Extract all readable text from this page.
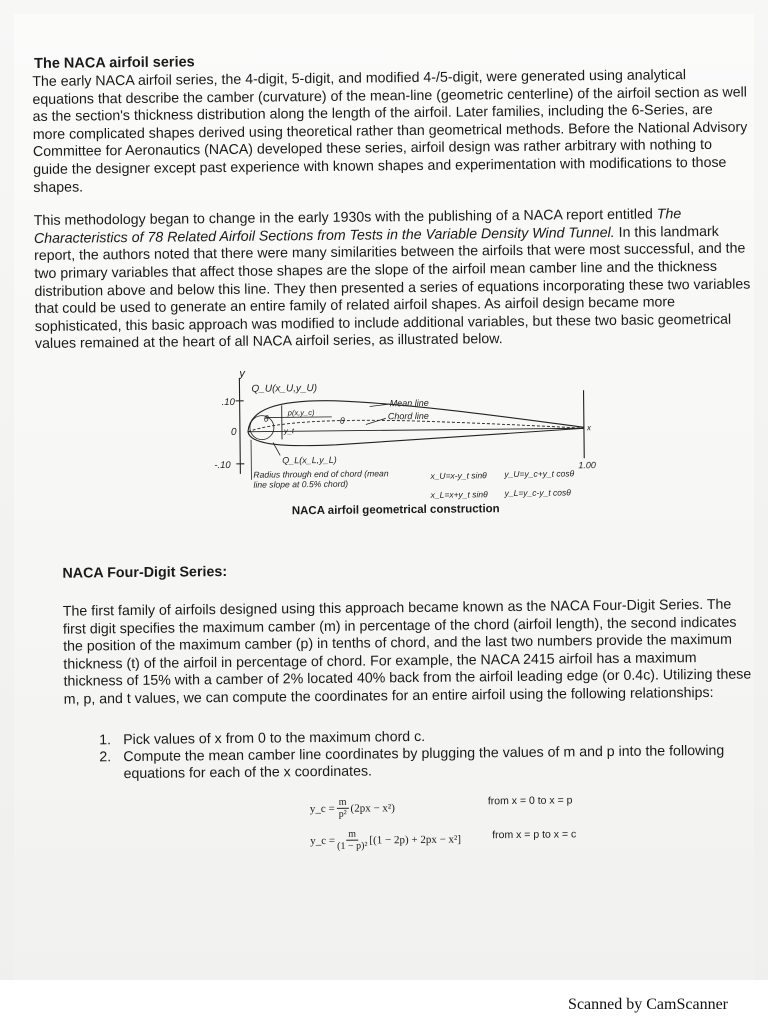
The NACA airfoil series

The early NACA airfoil series, the 4-digit, 5-digit, and modified 4-/5-digit, were generated using analytical equations that describe the camber (curvature) of the mean-line (geometric centerline) of the airfoil section as well as the section's thickness distribution along the length of the airfoil. Later families, including the 6-Series, are more complicated shapes derived using theoretical rather than geometrical methods. Before the National Advisory Committee for Aeronautics (NACA) developed these series, airfoil design was rather arbitrary with nothing to guide the designer except past experience with known shapes and experimentation with modifications to those shapes.

This methodology began to change in the early 1930s with the publishing of a NACA report entitled The Characteristics of 78 Related Airfoil Sections from Tests in the Variable Density Wind Tunnel. In this landmark report, the authors noted that there were many similarities between the airfoils that were most successful, and the two primary variables that affect those shapes are the slope of the airfoil mean camber line and the thickness distribution above and below this line. They then presented a series of equations incorporating these two variables that could be used to generate an entire family of related airfoil shapes. As airfoil design became more sophisticated, this basic approach was modified to include additional variables, but these two basic geometrical values remained at the heart of all NACA airfoil series, as illustrated below.

y
.10
-.10
0
Q_U(x_U,y_U)
Mean line
Chord line
θ	θ
p(x,y_c)
y_t
Q_L(x_L,y_L)	1.00
x
Radius through end of chord (mean line slope at 0.5% chord)
x_U=x-y_t sinθ y_U=y_c+y_t cosθ
x_L=x+y_t sinθ y_L=y_c-y_t cosθ
NACA airfoil geometrical construction
NACA Four-Digit Series:

The first family of airfoils designed using this approach became known as the NACA Four-Digit Series. The first digit specifies the maximum camber (m) in percentage of the chord (airfoil length), the second indicates the position of the maximum camber (p) in tenths of chord, and the last two numbers provide the maximum thickness (t) of the airfoil in percentage of chord. For example, the NACA 2415 airfoil has a maximum thickness of 15% with a camber of 2% located 40% back from the airfoil leading edge (or 0.4c). Utilizing these m, p, and t values, we can compute the coordinates for an entire airfoil using the following relationships:

1. Pick values of x from 0 to the maximum chord c.
2. Compute the mean camber line coordinates by plugging the values of m and p into the following equations for each of the x coordinates.
y_c = $\frac{m}{\text{p²}} (2px - x^2)$
from x = 0 to x = p
y_c = $\frac{m}{\text{(1 − p)²}} [(1 - 2p) + 2px - x^2]$	from x = p to x = c
Scanned by CamScanner
